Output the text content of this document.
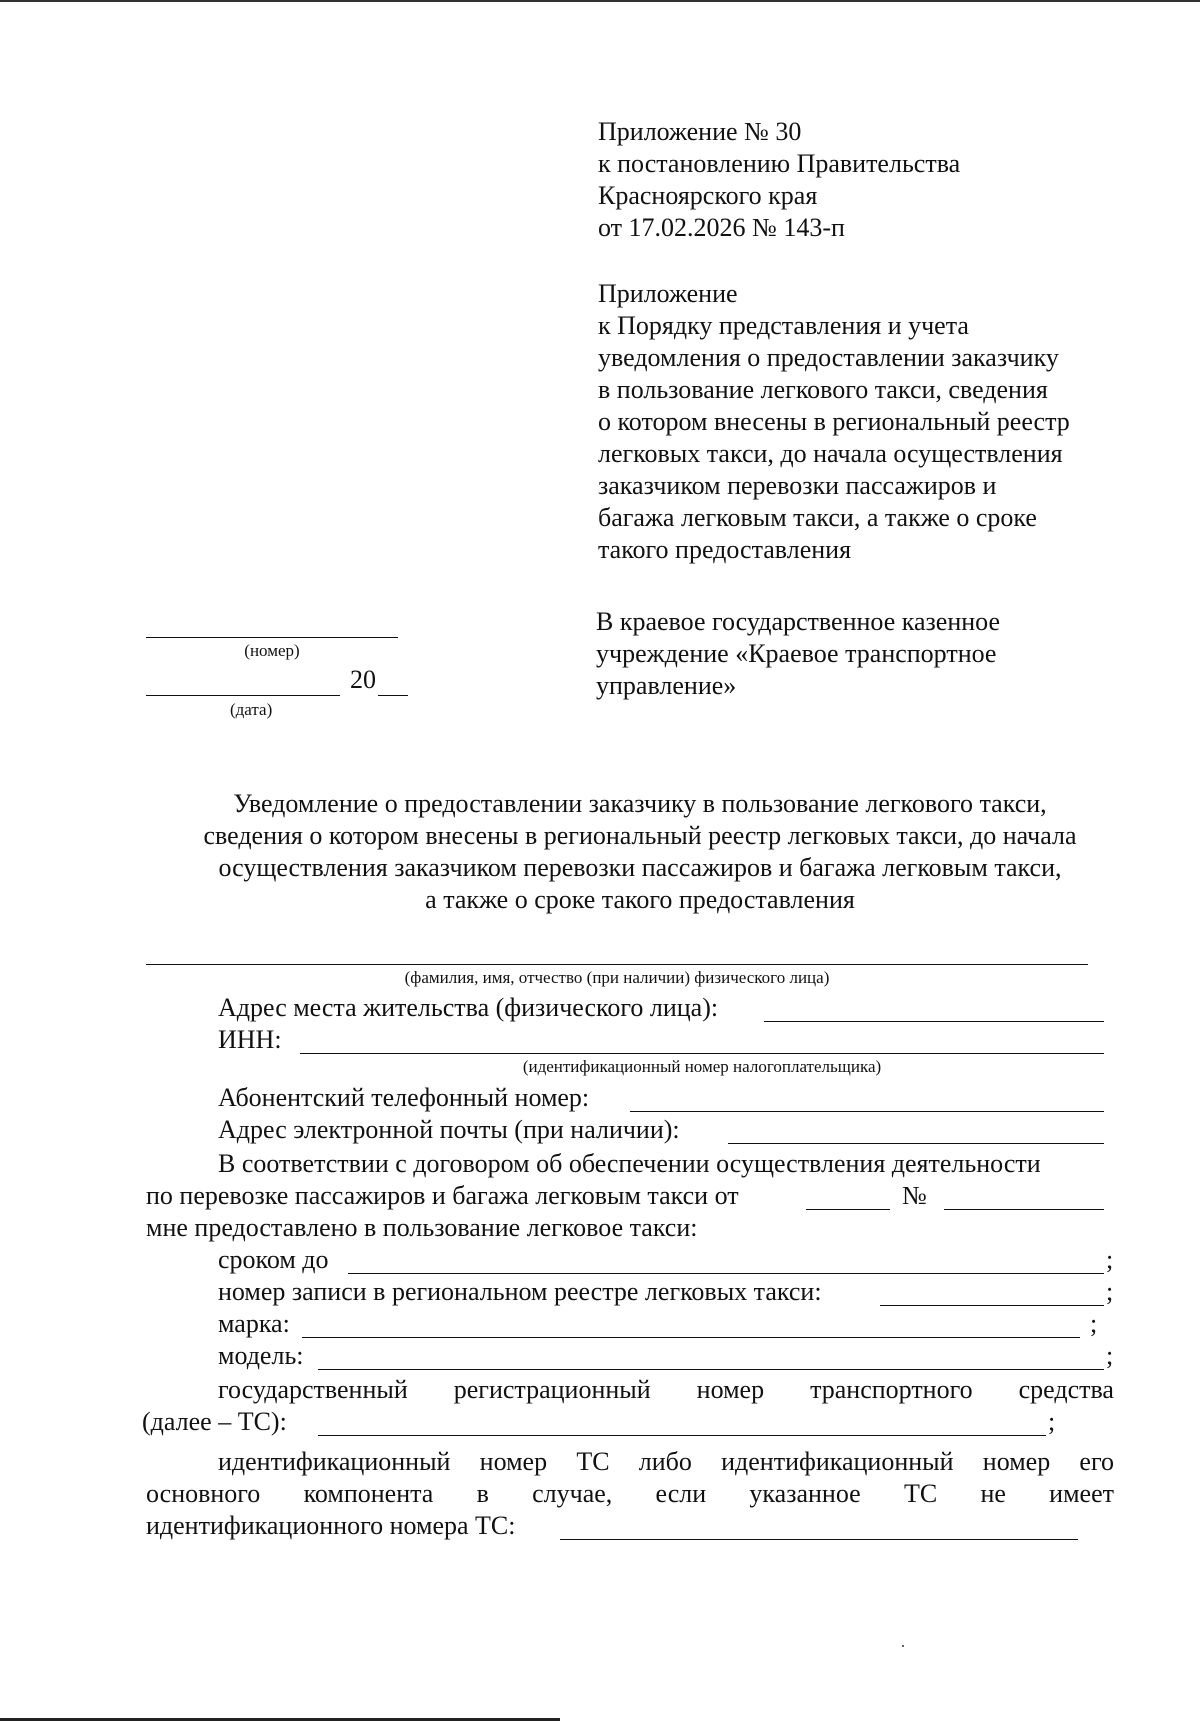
Приложение № 30
к постановлению Правительства
Красноярского края
от 17.02.2026 № 143-п
Приложение
к Порядку представления и учета
уведомления о предоставлении заказчику
в пользование легкового такси, сведения
о котором внесены в региональный реестр
легковых такси, до начала осуществления
заказчиком перевозки пассажиров и
багажа легковым такси, а также о сроке
такого предоставления
В краевое государственное казенное
учреждение «Краевое транспортное
управление»
(номер)
20
(дата)
Уведомление о предоставлении заказчику в пользование легкового такси,
сведения о котором внесены в региональный реестр легковых такси, до начала
осуществления заказчиком перевозки пассажиров и багажа легковым такси,
а также о сроке такого предоставления
(фамилия, имя, отчество (при наличии) физического лица)
Адрес места жительства (физического лица):
ИНН:
(идентификационный номер налогоплательщика)
Абонентский телефонный номер:
Адрес электронной почты (при наличии):
В соответствии с договором об обеспечении осуществления деятельности
по перевозке пассажиров и багажа легковым такси от	№
мне предоставлено в пользование легковое такси:
сроком до	;
номер записи в региональном реестре легковых такси:	;
марка:	;
модель:	;
государственный регистрационный номер транспортного средства
(далее – ТС):	;
идентификационный номер ТС либо идентификационный номер его
основного компонента в случае, если указанное ТС не имеет
идентификационного номера ТС:
